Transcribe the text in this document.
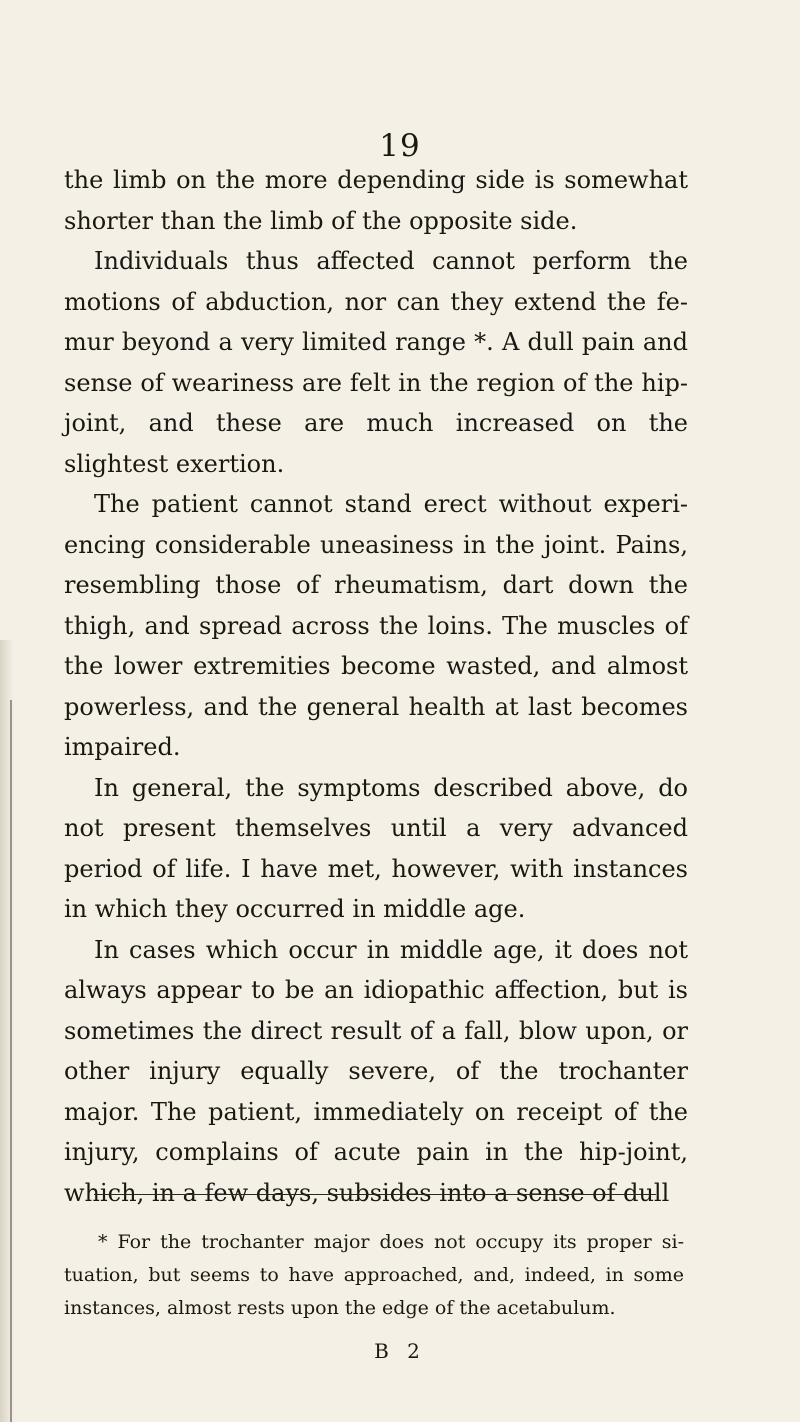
19

the limb on the more depending side is somewhat shorter than the limb of the opposite side.

Individuals thus affected cannot perform the motions of abduction, nor can they extend the femur beyond a very limited range *. A dull pain and sense of weariness are felt in the region of the hip-joint, and these are much increased on the slightest exertion.

The patient cannot stand erect without experiencing considerable uneasiness in the joint. Pains, resembling those of rheumatism, dart down the thigh, and spread across the loins. The muscles of the lower extremities become wasted, and almost powerless, and the general health at last becomes impaired.

In general, the symptoms described above, do not present themselves until a very advanced period of life. I have met, however, with instances in which they occurred in middle age.

In cases which occur in middle age, it does not always appear to be an idiopathic affection, but is sometimes the direct result of a fall, blow upon, or other injury equally severe, of the trochanter major. The patient, immediately on receipt of the injury, complains of acute pain in the hip-joint, which, in a few days, subsides into a sense of dull

* For the trochanter major does not occupy its proper situation, but seems to have approached, and, indeed, in some instances, almost rests upon the edge of the acetabulum.

B 2
